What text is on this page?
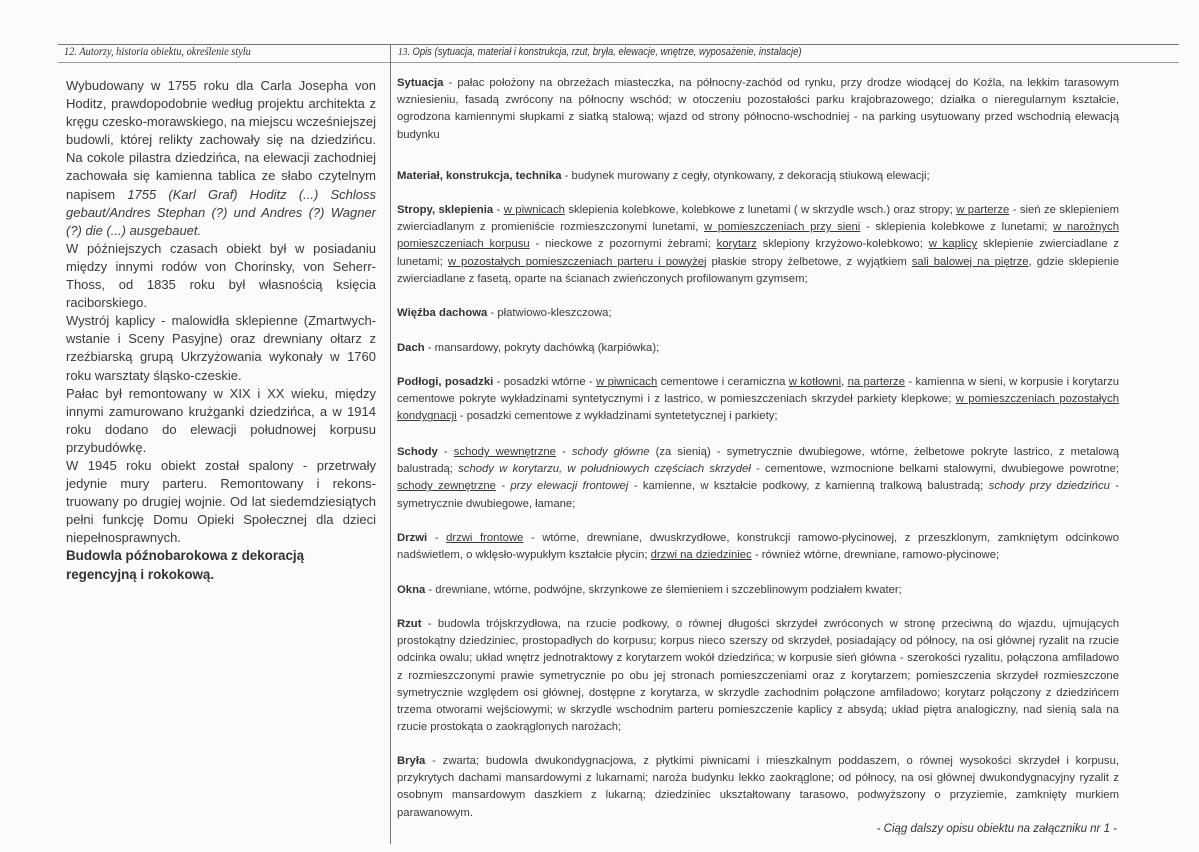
12. Autorzy, historia obiektu, określenie stylu	13. Opis (sytuacja, materiał i konstrukcja, rzut, bryła, elewacje, wnętrze, wyposażenie, instalacje)

Wybudowany w 1755 roku dla Carla Josepha von Hoditz, prawdopodobnie według projektu architekta z kręgu czesko-morawskiego, na miejscu wcześniejszej budowli, której relikty zachowały się na dziedzińcu. Na cokole pilastra dziedzińca, na elewacji zachodniej zachowała się kamienna tablica ze słabo czytelnym napisem 1755 (Karl Graf) Hoditz (...) Schloss gebaut/Andres Stephan (?) und Andres (?) Wagner (?) die (...) ausgebauet.

W późniejszych czasach obiekt był w posiadaniu między innymi rodów von Chorinsky, von Seherr-Thoss, od 1835 roku był własnością księcia raciborskiego.

Wystrój kaplicy - malowidła sklepienne (Zmartwych-wstanie i Sceny Pasyjne) oraz drewniany ołtarz z rzeźbiarską grupą Ukrzyżowania wykonały w 1760 roku warsztaty śląsko-czeskie.

Pałac był remontowany w XIX i XX wieku, między innymi zamurowano krużganki dziedzińca, a w 1914 roku dodano do elewacji połudnowej korpusu przybudówkę.

W 1945 roku obiekt został spalony - przetrwały jedynie mury parteru. Remontowany i rekons-truowany po drugiej wojnie. Od lat siedemdziesiątych pełni funkcję Domu Opieki Społecznej dla dzieci niepełnosprawnych.

Budowla późnobarokowa z dekoracją regencyjną i rokokową.

Sytuacja - pałac położony na obrzeżach miasteczka, na północny-zachód od rynku, przy drodze wiodącej do Koźla, na lekkim tarasowym wzniesieniu, fasadą zwrócony na północny wschód; w otoczeniu pozostałości parku krajobrazowego; działka o nieregularnym kształcie, ogrodzona kamiennymi słupkami z siatką stalową; wjazd od strony północno-wschodniej - na parking usytuowany przed wschodnią elewacją budynku

Materiał, konstrukcja, technika - budynek murowany z cegły, otynkowany, z dekoracją stiukową elewacji;

Stropy, sklepienia - w piwnicach sklepienia kolebkowe, kolebkowe z lunetami ( w skrzydle wsch.) oraz stropy; w parterze - sień ze sklepieniem zwierciadlanym z promieniście rozmieszczonymi lunetami, w pomieszczeniach przy sieni - sklepienia kolebkowe z lunetami; w narożnych pomieszczeniach korpusu - nieckowe z pozornymi żebrami; korytarz sklepiony krzyżowo-kolebkowo; w kaplicy sklepienie zwierciadlane z lunetami; w pozostałych pomieszczeniach parteru i powyżej płaskie stropy żelbetowe, z wyjątkiem sali balowej na piętrze, gdzie sklepienie zwierciadlane z fasetą, oparte na ścianach zwieńczonych profilowanym gzymsem;

Więźba dachowa - płatwiowo-kleszczowa;

Dach - mansardowy, pokryty dachówką (karpiówka);

Podłogi, posadzki - posadzki wtórne - w piwnicach cementowe i ceramiczna w kotłowni, na parterze - kamienna w sieni, w korpusie i korytarzu cementowe pokryte wykładzinami syntetycznymi i z lastrico, w pomieszczeniach skrzydeł parkiety klepkowe; w pomieszczeniach pozostałych kondygnacji - posadzki cementowe z wykładzinami syntetetycznej i parkiety;

Schody - schody wewnętrzne - schody główne (za sienią) - symetrycznie dwubiegowe, wtórne, żelbetowe pokryte lastrico, z metalową balustradą; schody w korytarzu, w południowych częściach skrzydeł - cementowe, wzmocnione belkami stalowymi, dwubiegowe powrotne; schody zewnętrzne - przy elewacji frontowej - kamienne, w kształcie podkowy, z kamienną tralkową balustradą; schody przy dziedzińcu - symetrycznie dwubiegowe, łamane;

Drzwi - drzwi frontowe - wtórne, drewniane, dwuskrzydłowe, konstrukcji ramowo-płycinowej, z przeszklonym, zamkniętym odcinkowo nadświetlem, o wklęsło-wypukłym kształcie płycin; drzwi na dziedziniec - również wtórne, drewniane, ramowo-płycinowe;

Okna - drewniane, wtórne, podwójne, skrzynkowe ze ślemieniem i szczeblinowym podziałem kwater;

Rzut - budowla trójskrzydłowa, na rzucie podkowy, o równej długości skrzydeł zwróconych w stronę przeciwną do wjazdu, ujmujących prostokątny dziedziniec, prostopadłych do korpusu; korpus nieco szerszy od skrzydeł, posiadający od północy, na osi głównej ryzalit na rzucie odcinka owalu; układ wnętrz jednotraktowy z korytarzem wokół dziedzińca; w korpusie sień główna - szerokości ryzalitu, połączona amfiladowo z rozmieszczonymi prawie symetrycznie po obu jej stronach pomieszczeniami oraz z korytarzem; pomieszczenia skrzydeł rozmieszczone symetrycznie względem osi głównej, dostępne z korytarza, w skrzydle zachodnim połączone amfiladowo; korytarz połączony z dziedzińcem trzema otworami wejściowymi; w skrzydle wschodnim parteru pomieszczenie kaplicy z absydą; układ piętra analogiczny, nad sienią sala na rzucie prostokąta o zaokrąglonych narożach;

Bryła - zwarta; budowla dwukondygnacjowa, z płytkimi piwnicami i mieszkalnym poddaszem, o równej wysokości skrzydeł i korpusu, przykrytych dachami mansardowymi z lukarnami; naroża budynku lekko zaokrąglone; od północy, na osi głównej dwukondygnacyjny ryzalit z osobnym mansardowym daszkiem z lukarną; dziedziniec ukształtowany tarasowo, podwyższony o przyziemie, zamknięty murkiem parawanowym.

- Ciąg dalszy opisu obiektu na załączniku nr 1 -
